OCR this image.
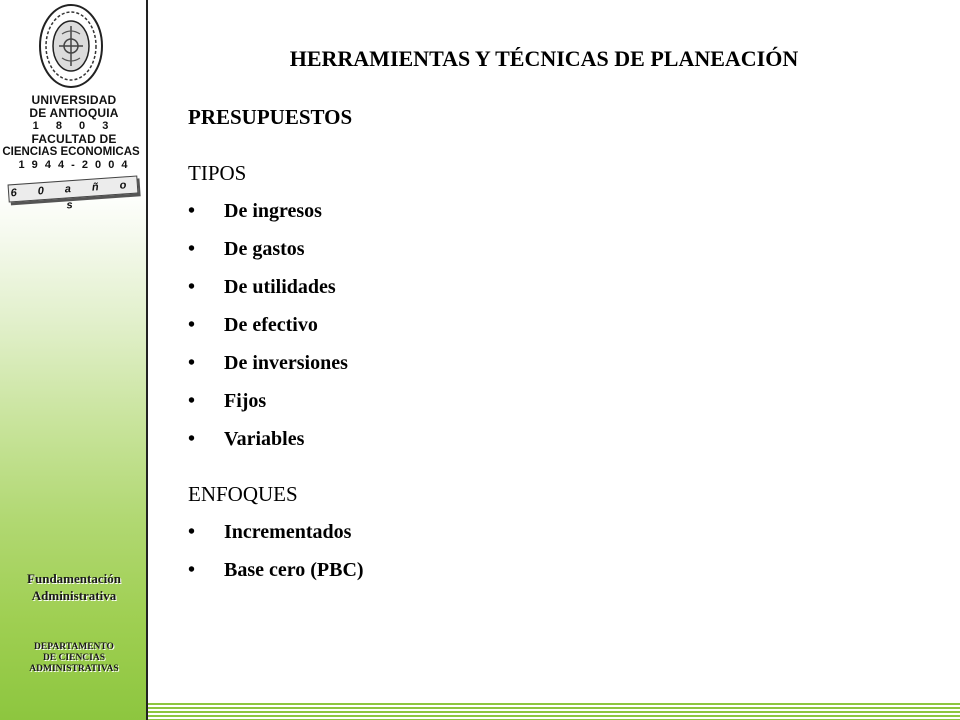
UNIVERSIDAD
DE ANTIOQUIA
1 8 0 3
FACULTAD DE
CIENCIAS ECONOMICAS
1 9 4 4 - 2 0 0 4
6 0 a ñ o s
Fundamentación
Administrativa
DEPARTAMENTO
DE CIENCIAS
ADMINISTRATIVAS
HERRAMIENTAS Y TÉCNICAS DE PLANEACIÓN
PRESUPUESTOS
TIPOS
•	De ingresos
•	De gastos
•	De utilidades
•	De efectivo
•	De inversiones
•	Fijos
•	Variables
ENFOQUES
•	Incrementados
•	Base cero (PBC)
